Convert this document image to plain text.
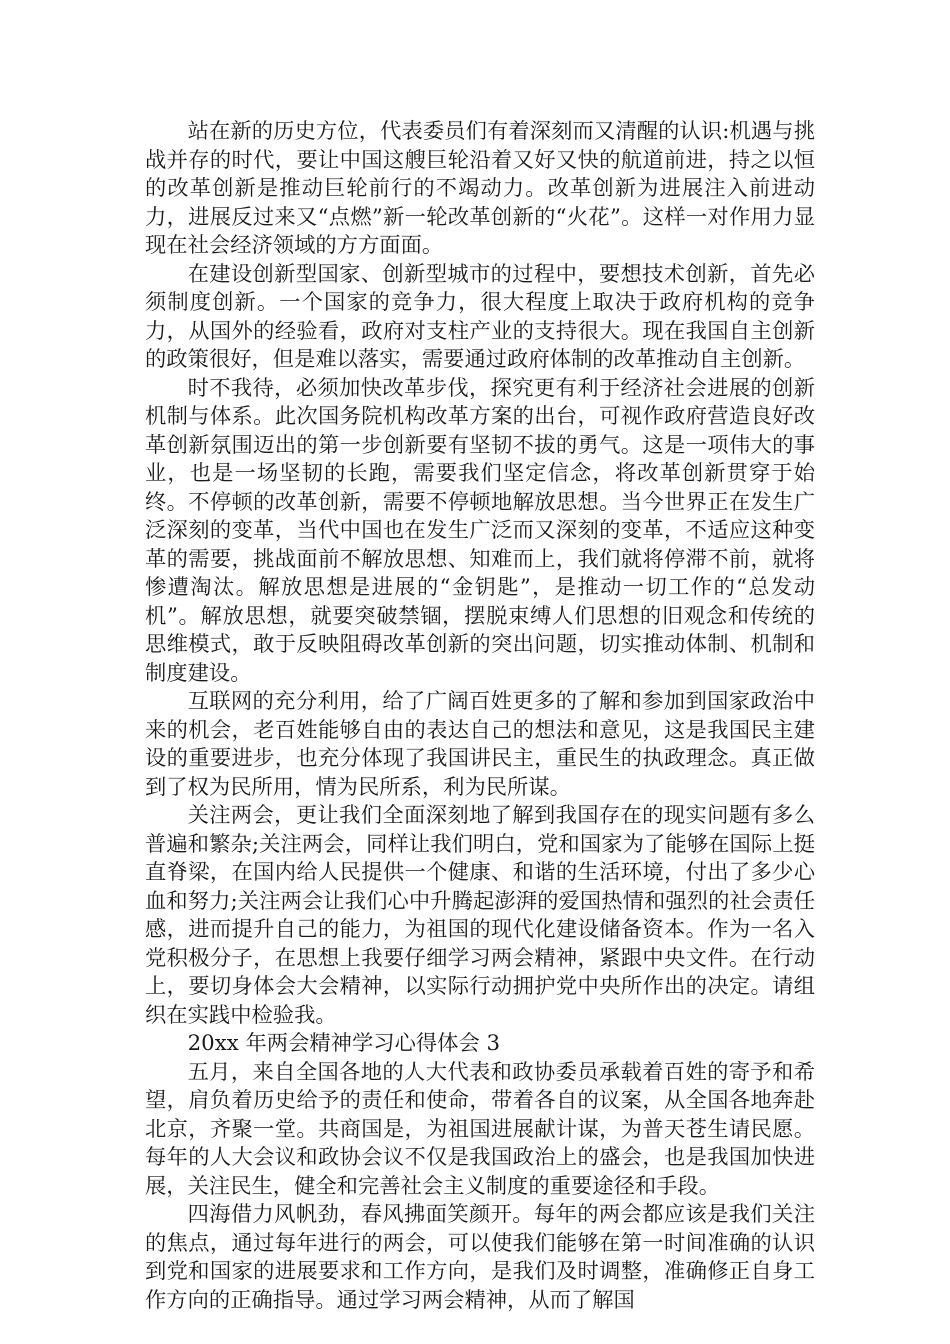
站在新的历史方位，代表委员们有着深刻而又清醒的认识:机遇与挑战并存的时代，要让中国这艘巨轮沿着又好又快的航道前进，持之以恒的改革创新是推动巨轮前行的不竭动力。改革创新为进展注入前进动力，进展反过来又“点燃”新一轮改革创新的“火花”。这样一对作用力显现在社会经济领域的方方面面。

在建设创新型国家、创新型城市的过程中，要想技术创新，首先必须制度创新。一个国家的竞争力，很大程度上取决于政府机构的竞争力，从国外的经验看，政府对支柱产业的支持很大。现在我国自主创新的政策很好，但是难以落实，需要通过政府体制的改革推动自主创新。

时不我待，必须加快改革步伐，探究更有利于经济社会进展的创新机制与体系。此次国务院机构改革方案的出台，可视作政府营造良好改革创新氛围迈出的第一步创新要有坚韧不拔的勇气。这是一项伟大的事业，也是一场坚韧的长跑，需要我们坚定信念，将改革创新贯穿于始终。不停顿的改革创新，需要不停顿地解放思想。当今世界正在发生广泛深刻的变革，当代中国也在发生广泛而又深刻的变革，不适应这种变革的需要，挑战面前不解放思想、知难而上，我们就将停滞不前，就将惨遭淘汰。解放思想是进展的“金钥匙”，是推动一切工作的“总发动机”。解放思想，就要突破禁锢，摆脱束缚人们思想的旧观念和传统的思维模式，敢于反映阻碍改革创新的突出问题，切实推动体制、机制和制度建设。

互联网的充分利用，给了广阔百姓更多的了解和参加到国家政治中来的机会，老百姓能够自由的表达自己的想法和意见，这是我国民主建设的重要进步，也充分体现了我国讲民主，重民生的执政理念。真正做到了权为民所用，情为民所系，利为民所谋。

关注两会，更让我们全面深刻地了解到我国存在的现实问题有多么普遍和繁杂;关注两会，同样让我们明白，党和国家为了能够在国际上挺直脊梁，在国内给人民提供一个健康、和谐的生活环境，付出了多少心血和努力;关注两会让我们心中升腾起澎湃的爱国热情和强烈的社会责任感，进而提升自己的能力，为祖国的现代化建设储备资本。作为一名入党积极分子，在思想上我要仔细学习两会精神，紧跟中央文件。在行动上，要切身体会大会精神，以实际行动拥护党中央所作出的决定。请组织在实践中检验我。

20xx 年两会精神学习心得体会 3

五月，来自全国各地的人大代表和政协委员承载着百姓的寄予和希望，肩负着历史给予的责任和使命，带着各自的议案，从全国各地奔赴北京，齐聚一堂。共商国是，为祖国进展献计谋，为普天苍生请民愿。每年的人大会议和政协会议不仅是我国政治上的盛会，也是我国加快进展，关注民生，健全和完善社会主义制度的重要途径和手段。

四海借力风帆劲，春风拂面笑颜开。每年的两会都应该是我们关注的焦点，通过每年进行的两会，可以使我们能够在第一时间准确的认识到党和国家的进展要求和工作方向，是我们及时调整，准确修正自身工作方向的正确指导。通过学习两会精神，从而了解国
